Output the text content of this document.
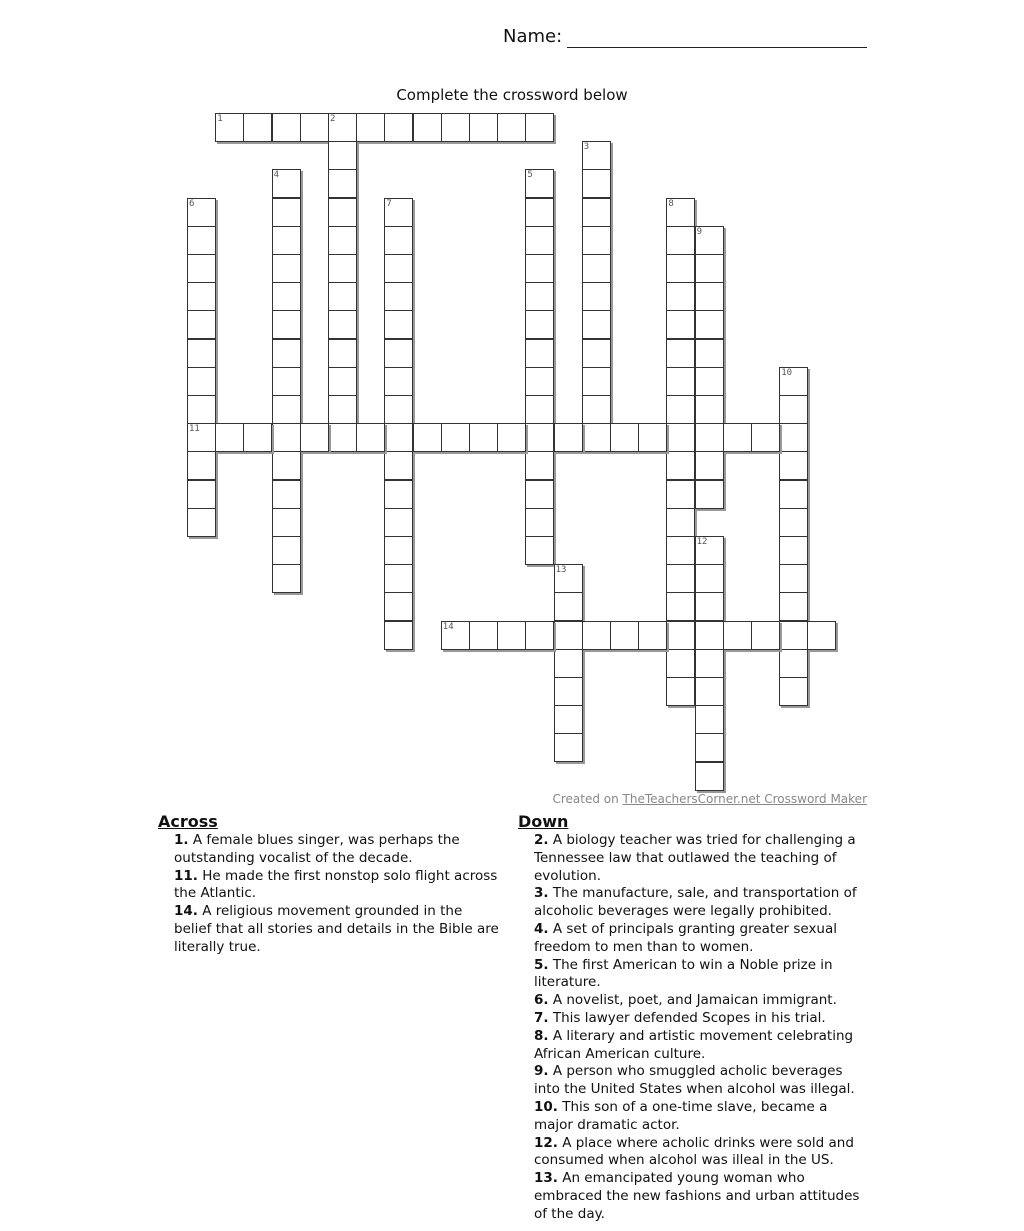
Name:
Complete the crossword below
1	2
3
4	5
6
11
7	8
9
10
12
13
14
Created on TheTeachersCorner.net Crossword Maker
Across
1. A female blues singer, was perhaps the outstanding vocalist of the decade.
11. He made the first nonstop solo flight across the Atlantic.
14. A religious movement grounded in the belief that all stories and details in the Bible are literally true.
Down
2. A biology teacher was tried for challenging a Tennessee law that outlawed the teaching of evolution.
3. The manufacture, sale, and transportation of alcoholic beverages were legally prohibited.
4. A set of principals granting greater sexual freedom to men than to women.
5. The first American to win a Noble prize in literature.
6. A novelist, poet, and Jamaican immigrant.
7. This lawyer defended Scopes in his trial.
8. A literary and artistic movement celebrating African American culture.
9. A person who smuggled acholic beverages into the United States when alcohol was illegal.
10. This son of a one-time slave, became a major dramatic actor.
12. A place where acholic drinks were sold and consumed when alcohol was illeal in the US.
13. An emancipated young woman who embraced the new fashions and urban attitudes of the day.
